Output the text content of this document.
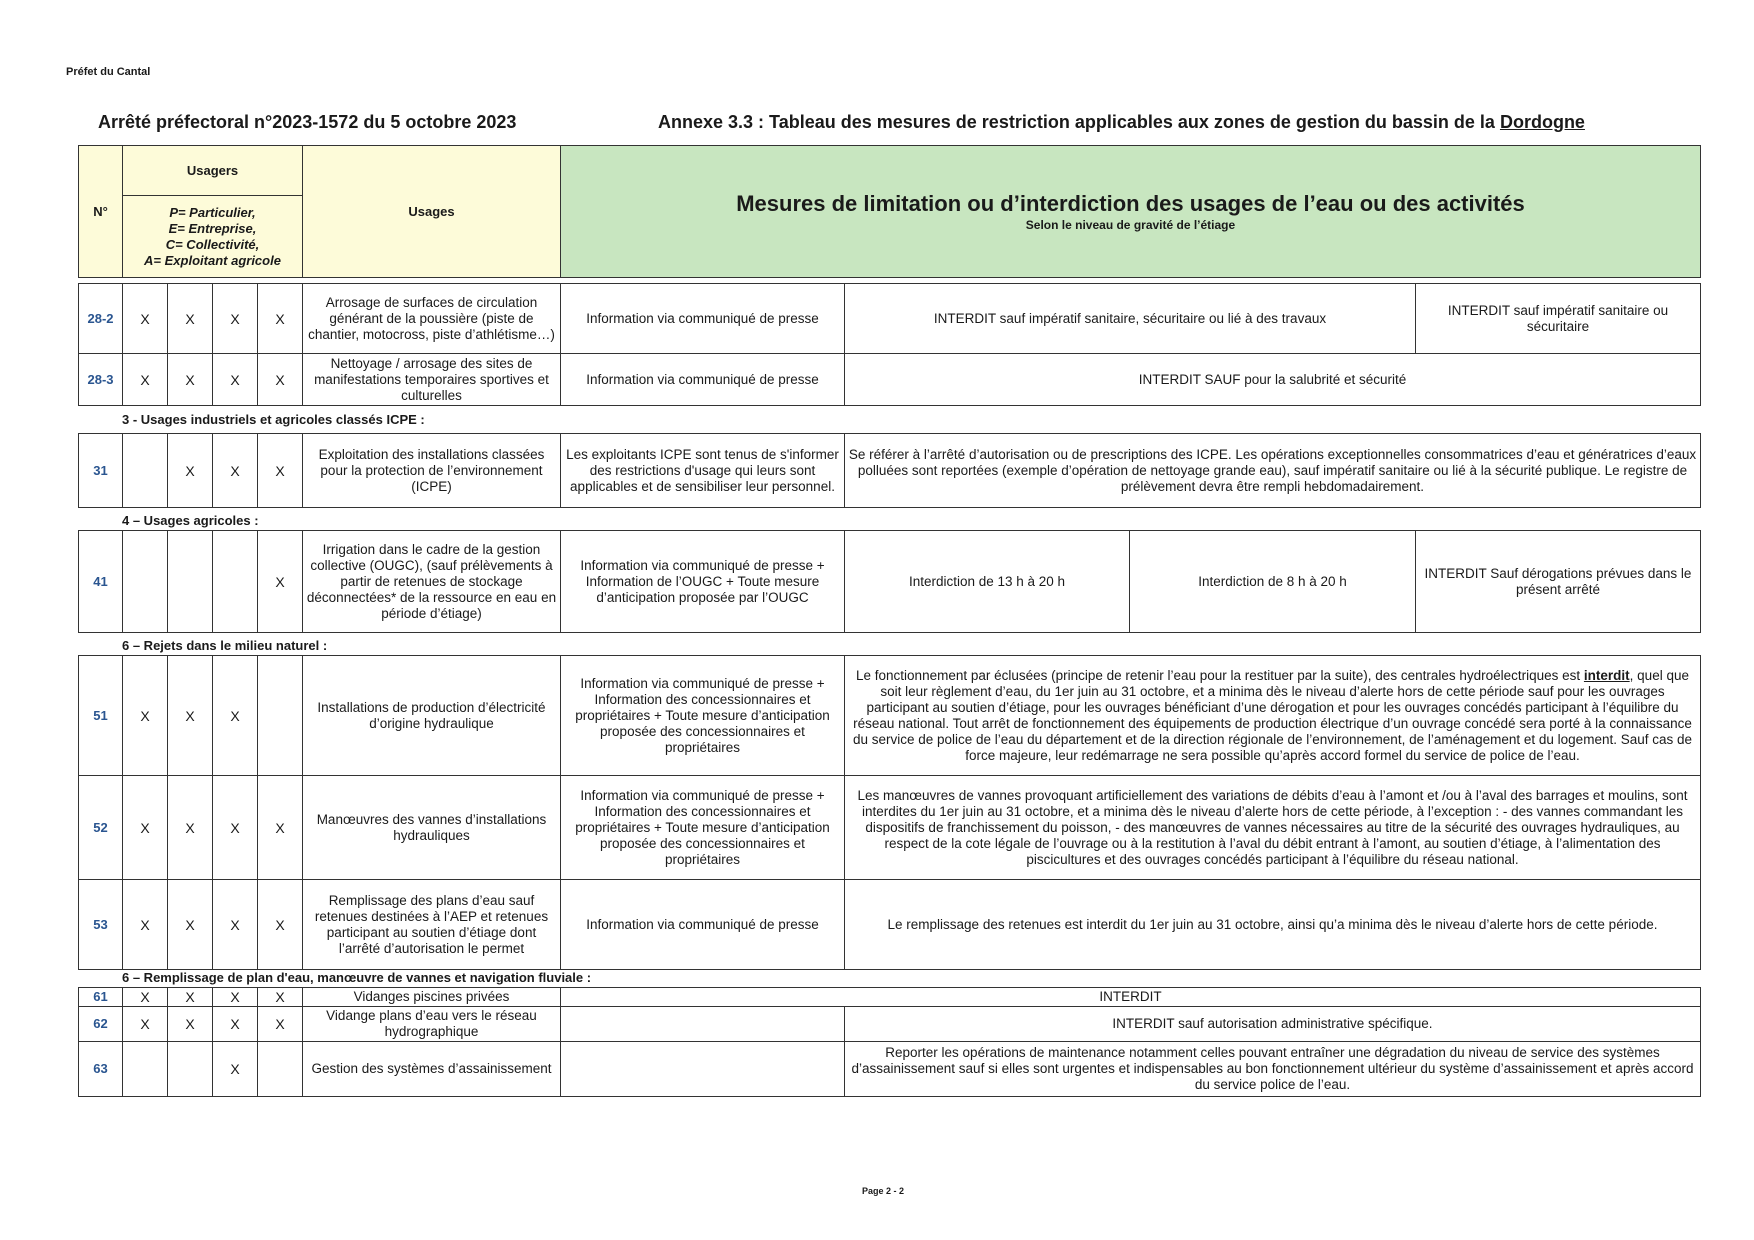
Préfet du Cantal
Arrêté préfectoral n°2023-1572 du 5 octobre 2023	Annexe 3.3 : Tableau des mesures de restriction applicables aux zones de gestion du bassin de la Dordogne
N°	Usagers	Usages	Mesures de limitation ou d’interdiction des usages de l’eau ou des activités
Selon le niveau de gravité de l’étiage

P= Particulier,
E= Entreprise,
C= Collectivité,
A= Exploitant agricole
28-2	X	X	X	X	Arrosage de surfaces de circulation générant de la poussière (piste de chantier, motocross, piste d’athlétisme…)	Information via communiqué de presse	INTERDIT sauf impératif sanitaire, sécuritaire ou lié à des travaux	INTERDIT sauf impératif sanitaire ou sécuritaire
28-3	X	X	X	X	Nettoyage / arrosage des sites de manifestations temporaires sportives et culturelles	Information via communiqué de presse	INTERDIT SAUF pour la salubrité et sécurité	
3 - Usages industriels et agricoles classés ICPE :
31		X	X	X	Exploitation des installations classées pour la protection de l’environnement (ICPE)	Les exploitants ICPE sont tenus de s'informer des restrictions d'usage qui leurs sont applicables et de sensibiliser leur personnel.	Se référer à l’arrêté d’autorisation ou de prescriptions des ICPE. Les opérations exceptionnelles consommatrices d’eau et génératrices d’eaux polluées sont reportées (exemple d’opération de nettoyage grande eau), sauf impératif sanitaire ou lié à la sécurité publique. Le registre de prélèvement devra être rempli hebdomadairement.
4 – Usages agricoles :
41				X	Irrigation dans le cadre de la gestion collective (OUGC), (sauf prélèvements à partir de retenues de stockage déconnectées* de la ressource en eau en période d’étiage)	Information via communiqué de presse + Information de l’OUGC + Toute mesure d’anticipation proposée par l’OUGC	Interdiction de 13 h à 20 h	Interdiction de 8 h à 20 h	INTERDIT Sauf dérogations prévues dans le présent arrêté
6 – Rejets dans le milieu naturel :
51	X	X	X		Installations de production d’électricité d’origine hydraulique	Information via communiqué de presse + Information des concessionnaires et propriétaires + Toute mesure d’anticipation proposée des concessionnaires et propriétaires	Le fonctionnement par éclusées (principe de retenir l’eau pour la restituer par la suite), des centrales hydroélectriques est interdit, quel que soit leur règlement d’eau, du 1er juin au 31 octobre, et a minima dès le niveau d’alerte hors de cette période sauf pour les ouvrages participant au soutien d’étiage, pour les ouvrages bénéficiant d’une dérogation et pour les ouvrages concédés participant à l’équilibre du réseau national. Tout arrêt de fonctionnement des équipements de production électrique d’un ouvrage concédé sera porté à la connaissance du service de police de l’eau du département et de la direction régionale de l’environnement, de l’aménagement et du logement. Sauf cas de force majeure, leur redémarrage ne sera possible qu’après accord formel du service de police de l’eau.
52	X	X	X	X	Manœuvres des vannes d’installations hydrauliques	Information via communiqué de presse + Information des concessionnaires et propriétaires + Toute mesure d’anticipation proposée des concessionnaires et propriétaires	Les manœuvres de vannes provoquant artificiellement des variations de débits d’eau à l’amont et /ou à l’aval des barrages et moulins, sont interdites du 1er juin au 31 octobre, et a minima dès le niveau d’alerte hors de cette période, à l’exception : - des vannes commandant les dispositifs de franchissement du poisson, - des manœuvres de vannes nécessaires au titre de la sécurité des ouvrages hydrauliques, au respect de la cote légale de l’ouvrage ou à la restitution à l’aval du débit entrant à l’amont, au soutien d’étiage, à l’alimentation des piscicultures et des ouvrages concédés participant à l’équilibre du réseau national.
53	X	X	X	X	Remplissage des plans d’eau sauf retenues destinées à l’AEP et retenues participant au soutien d’étiage dont l’arrêté d’autorisation le permet	Information via communiqué de presse	Le remplissage des retenues est interdit du 1er juin au 31 octobre, ainsi qu’a minima dès le niveau d’alerte hors de cette période.
6 – Remplissage de plan d'eau, manœuvre de vannes et navigation fluviale :
61	X	X	X	X	Vidanges piscines privées	INTERDIT	
62	X	X	X	X	Vidange plans d’eau vers le réseau hydrographique		INTERDIT sauf autorisation administrative spécifique.
63			X		Gestion des systèmes d’assainissement		Reporter les opérations de maintenance notamment celles pouvant entraîner une dégradation du niveau de service des systèmes d’assainissement sauf si elles sont urgentes et indispensables au bon fonctionnement ultérieur du système d’assainissement et après accord du service police de l’eau.
Page 2 - 2
